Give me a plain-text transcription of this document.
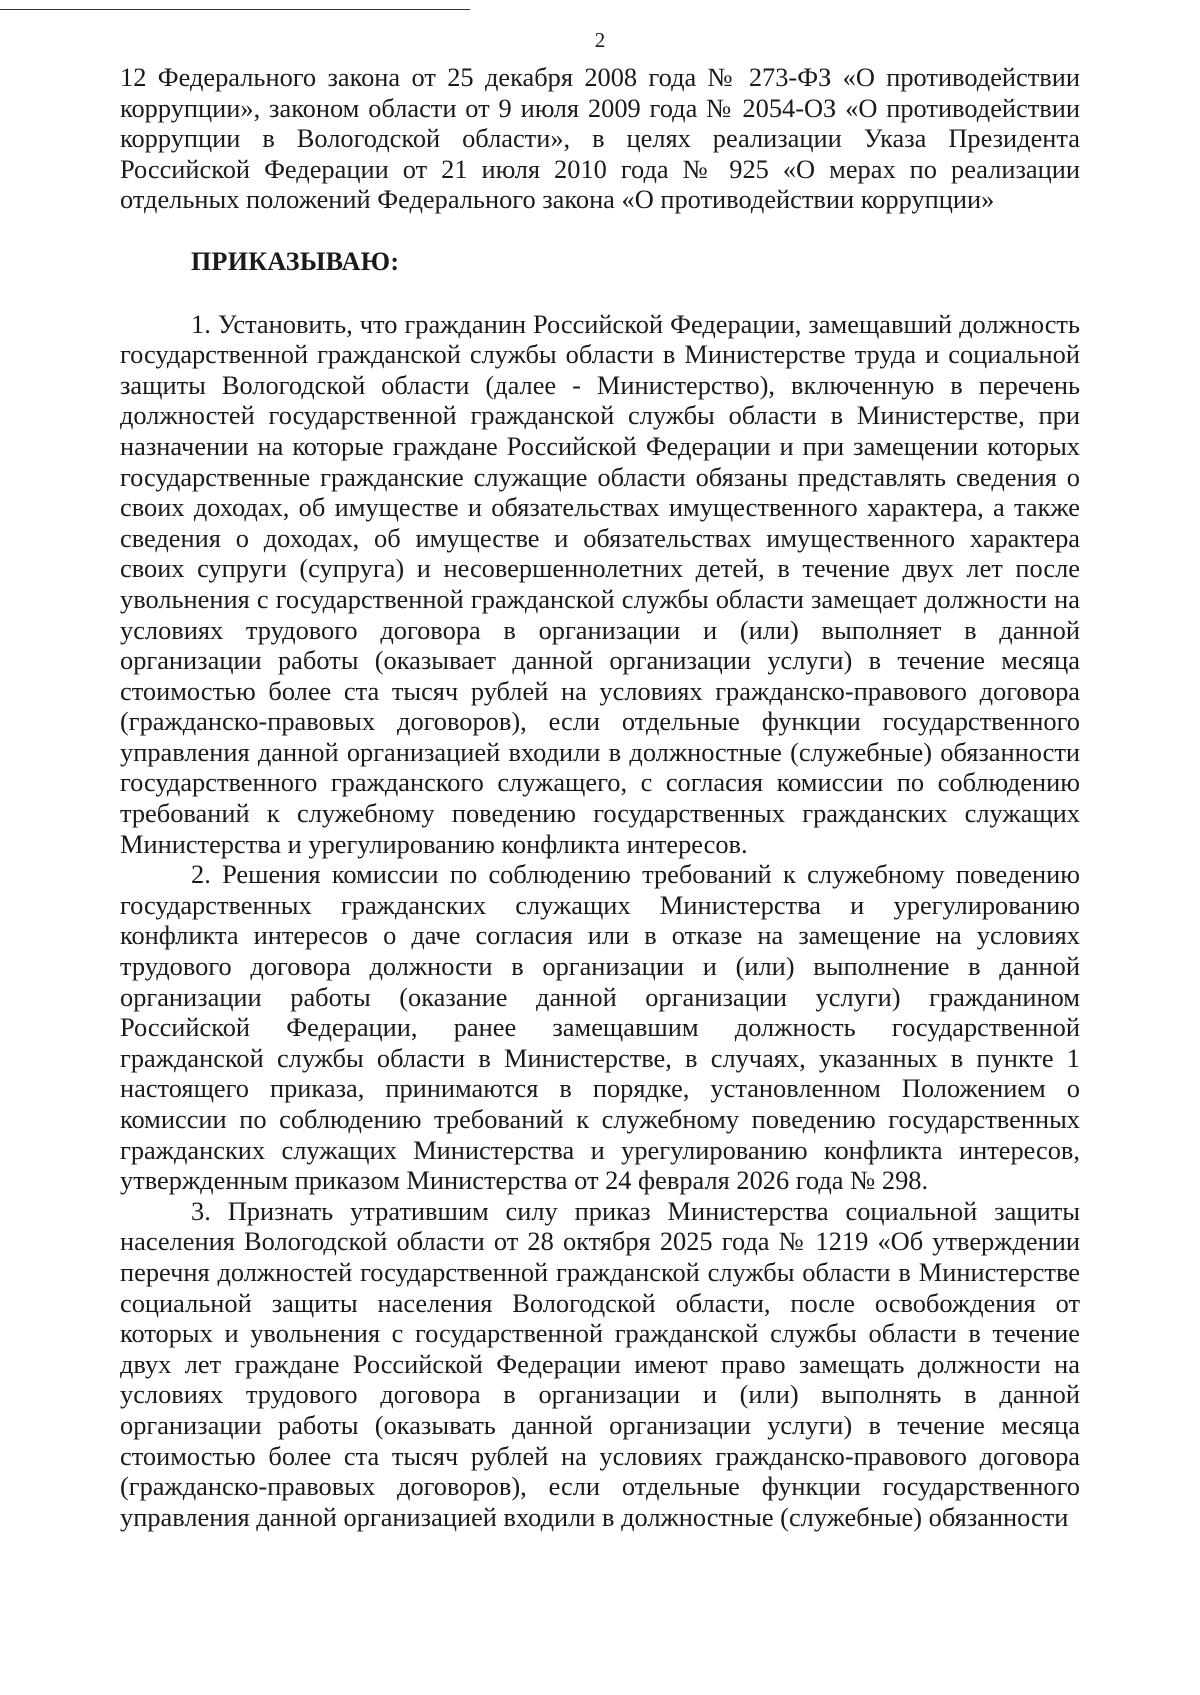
2

12 Федерального закона от 25 декабря 2008 года № 273-ФЗ «О противодействии коррупции», законом области от 9 июля 2009 года № 2054-ОЗ «О противодействии коррупции в Вологодской области», в целях реализации Указа Президента Российской Федерации от 21 июля 2010 года № 925 «О мерах по реализации отдельных положений Федерального закона «О противодействии коррупции»

ПРИКАЗЫВАЮ:

1. Установить, что гражданин Российской Федерации, замещавший должность государственной гражданской службы области в Министерстве труда и социальной защиты Вологодской области (далее - Министерство), включенную в перечень должностей государственной гражданской службы области в Министерстве, при назначении на которые граждане Российской Федерации и при замещении которых государственные гражданские служащие области обязаны представлять сведения о своих доходах, об имуществе и обязательствах имущественного характера, а также сведения о доходах, об имуществе и обязательствах имущественного характера своих супруги (супруга) и несовершеннолетних детей, в течение двух лет после увольнения с государственной гражданской службы области замещает должности на условиях трудового договора в организации и (или) выполняет в данной организации работы (оказывает данной организации услуги) в течение месяца стоимостью более ста тысяч рублей на условиях гражданско-правового договора (гражданско-правовых договоров), если отдельные функции государственного управления данной организацией входили в должностные (служебные) обязанности государственного гражданского служащего, с согласия комиссии по соблюдению требований к служебному поведению государственных гражданских служащих Министерства и урегулированию конфликта интересов.

2. Решения комиссии по соблюдению требований к служебному поведению государственных гражданских служащих Министерства и урегулированию конфликта интересов о даче согласия или в отказе на замещение на условиях трудового договора должности в организации и (или) выполнение в данной организации работы (оказание данной организации услуги) гражданином Российской Федерации, ранее замещавшим должность государственной гражданской службы области в Министерстве, в случаях, указанных в пункте 1 настоящего приказа, принимаются в порядке, установленном Положением о комиссии по соблюдению требований к служебному поведению государственных гражданских служащих Министерства и урегулированию конфликта интересов, утвержденным приказом Министерства от 24 февраля 2026 года № 298.

3. Признать утратившим силу приказ Министерства социальной защиты населения Вологодской области от 28 октября 2025 года № 1219 «Об утверждении перечня должностей государственной гражданской службы области в Министерстве социальной защиты населения Вологодской области, после освобождения от которых и увольнения с государственной гражданской службы области в течение двух лет граждане Российской Федерации имеют право замещать должности на условиях трудового договора в организации и (или) выполнять в данной организации работы (оказывать данной организации услуги) в течение месяца стоимостью более ста тысяч рублей на условиях гражданско-правового договора (гражданско-правовых договоров), если отдельные функции государственного управления данной организацией входили в должностные (служебные) обязанности
